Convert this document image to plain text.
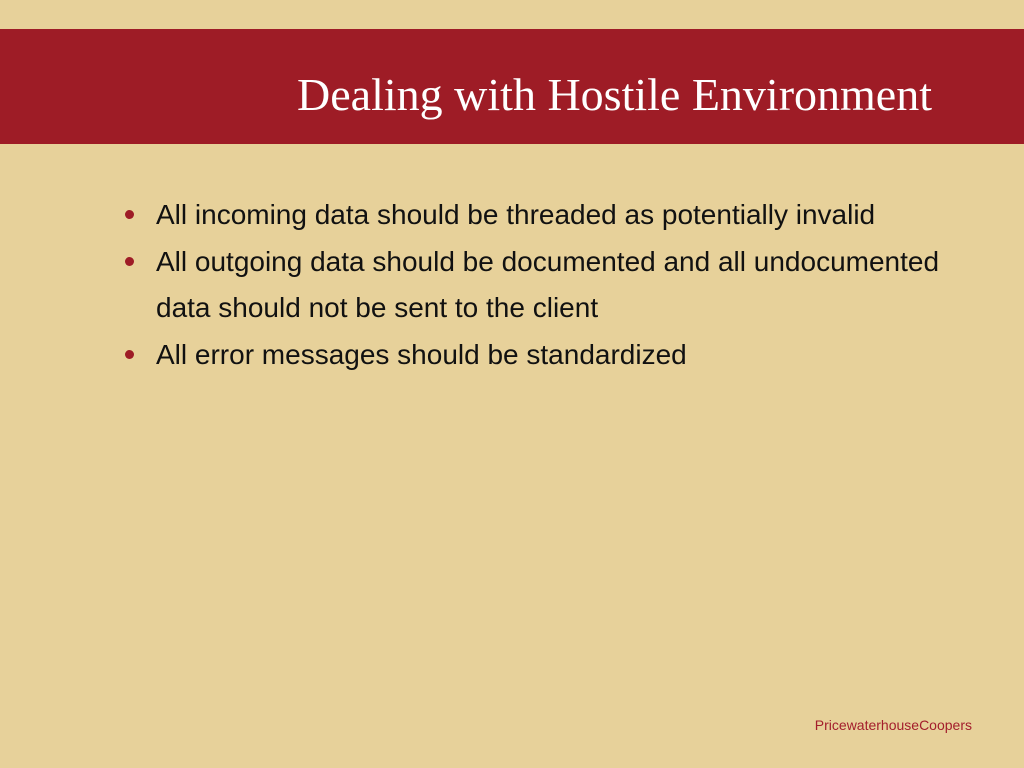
Dealing with Hostile Environment
All incoming data should be threaded as potentially invalid
All outgoing data should be documented and all undocumented data should not be sent to the client
All error messages should be standardized
PricewaterhouseCoopers
